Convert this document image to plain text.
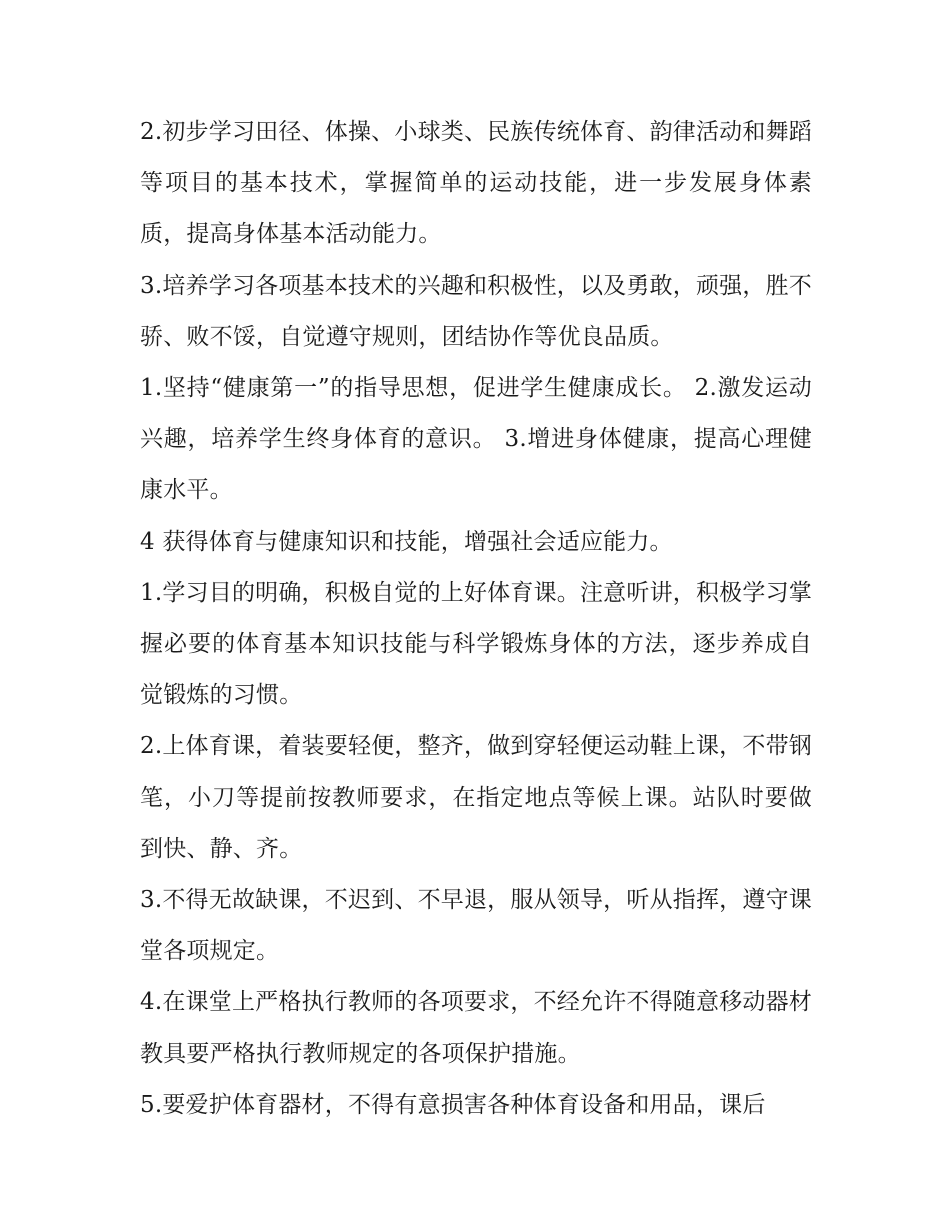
2.初步学习田径、体操、小球类、民族传统体育、韵律活动和舞蹈等项目的基本技术，掌握简单的运动技能，进一步发展身体素质，提高身体基本活动能力。

3.培养学习各项基本技术的兴趣和积极性，以及勇敢，顽强，胜不骄、败不馁，自觉遵守规则，团结协作等优良品质。

1.坚持“健康第一”的指导思想，促进学生健康成长。 2.激发运动兴趣，培养学生终身体育的意识。 3.增进身体健康，提高心理健康水平。

4 获得体育与健康知识和技能，增强社会适应能力。

1.学习目的明确，积极自觉的上好体育课。注意听讲，积极学习掌握必要的体育基本知识技能与科学锻炼身体的方法，逐步养成自觉锻炼的习惯。

2.上体育课，着装要轻便，整齐，做到穿轻便运动鞋上课，不带钢笔，小刀等提前按教师要求，在指定地点等候上课。站队时要做到快、静、齐。

3.不得无故缺课，不迟到、不早退，服从领导，听从指挥，遵守课堂各项规定。

4.在课堂上严格执行教师的各项要求，不经允许不得随意移动器材教具要严格执行教师规定的各项保护措施。

5.要爱护体育器材，不得有意损害各种体育设备和用品，课后
